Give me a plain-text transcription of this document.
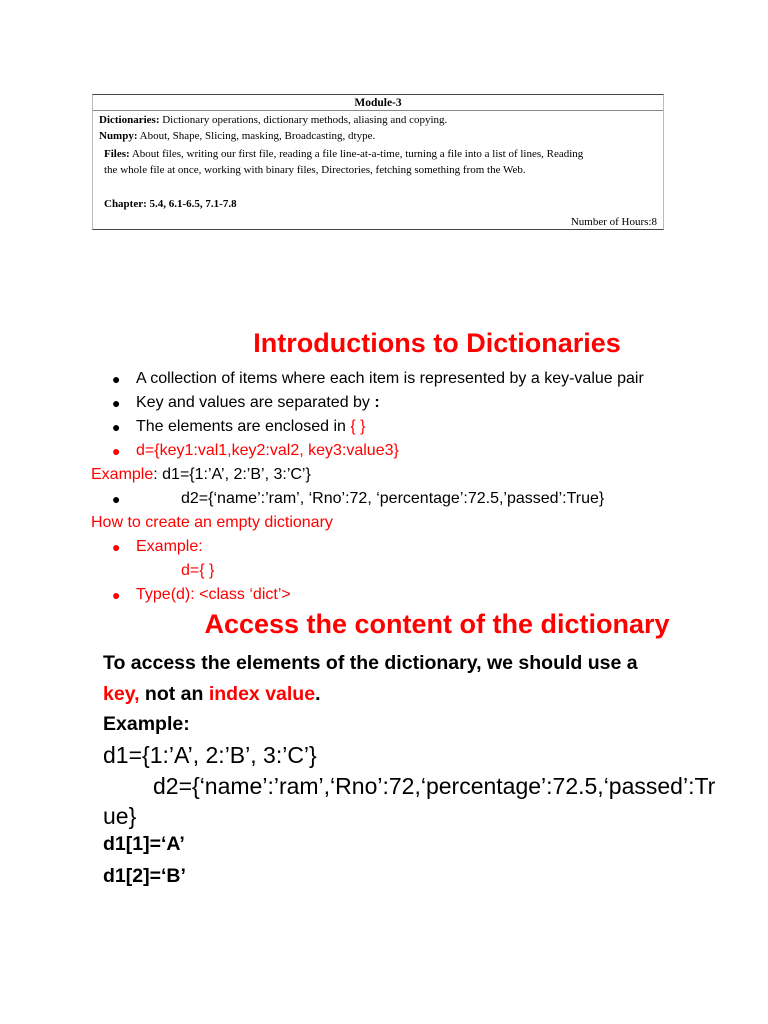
Module-3
Dictionaries: Dictionary operations, dictionary methods, aliasing and copying.
Numpy: About, Shape, Slicing, masking, Broadcasting, dtype.
Files: About files, writing our first file, reading a file line-at-a-time, turning a file into a list of lines, Reading
the whole file at once, working with binary files, Directories, fetching something from the Web.
Chapter: 5.4, 6.1-6.5, 7.1-7.8
Number of Hours:8
Introductions to Dictionaries
● A collection of items where each item is represented by a key-value pair
● Key and values are separated by :
● The elements are enclosed in { }
● d={key1:val1,key2:val2, key3:value3}
Example: d1={1:’A’, 2:’B’, 3:’C’}
●	d2={‘name’:’ram’, ‘Rno’:72, ‘percentage’:72.5,’passed’:True}
How to create an empty dictionary
● Example:
d={ }
● Type(d): <class ‘dict’>
Access the content of the dictionary
To access the elements of the dictionary, we should use a
key, not an index value.
Example:
d1={1:’A’, 2:’B’, 3:’C’}
d2={‘name’:’ram’,‘Rno’:72,‘percentage’:72.5,‘passed’:Tr
ue}
d1[1]=‘A’
d1[2]=‘B’
